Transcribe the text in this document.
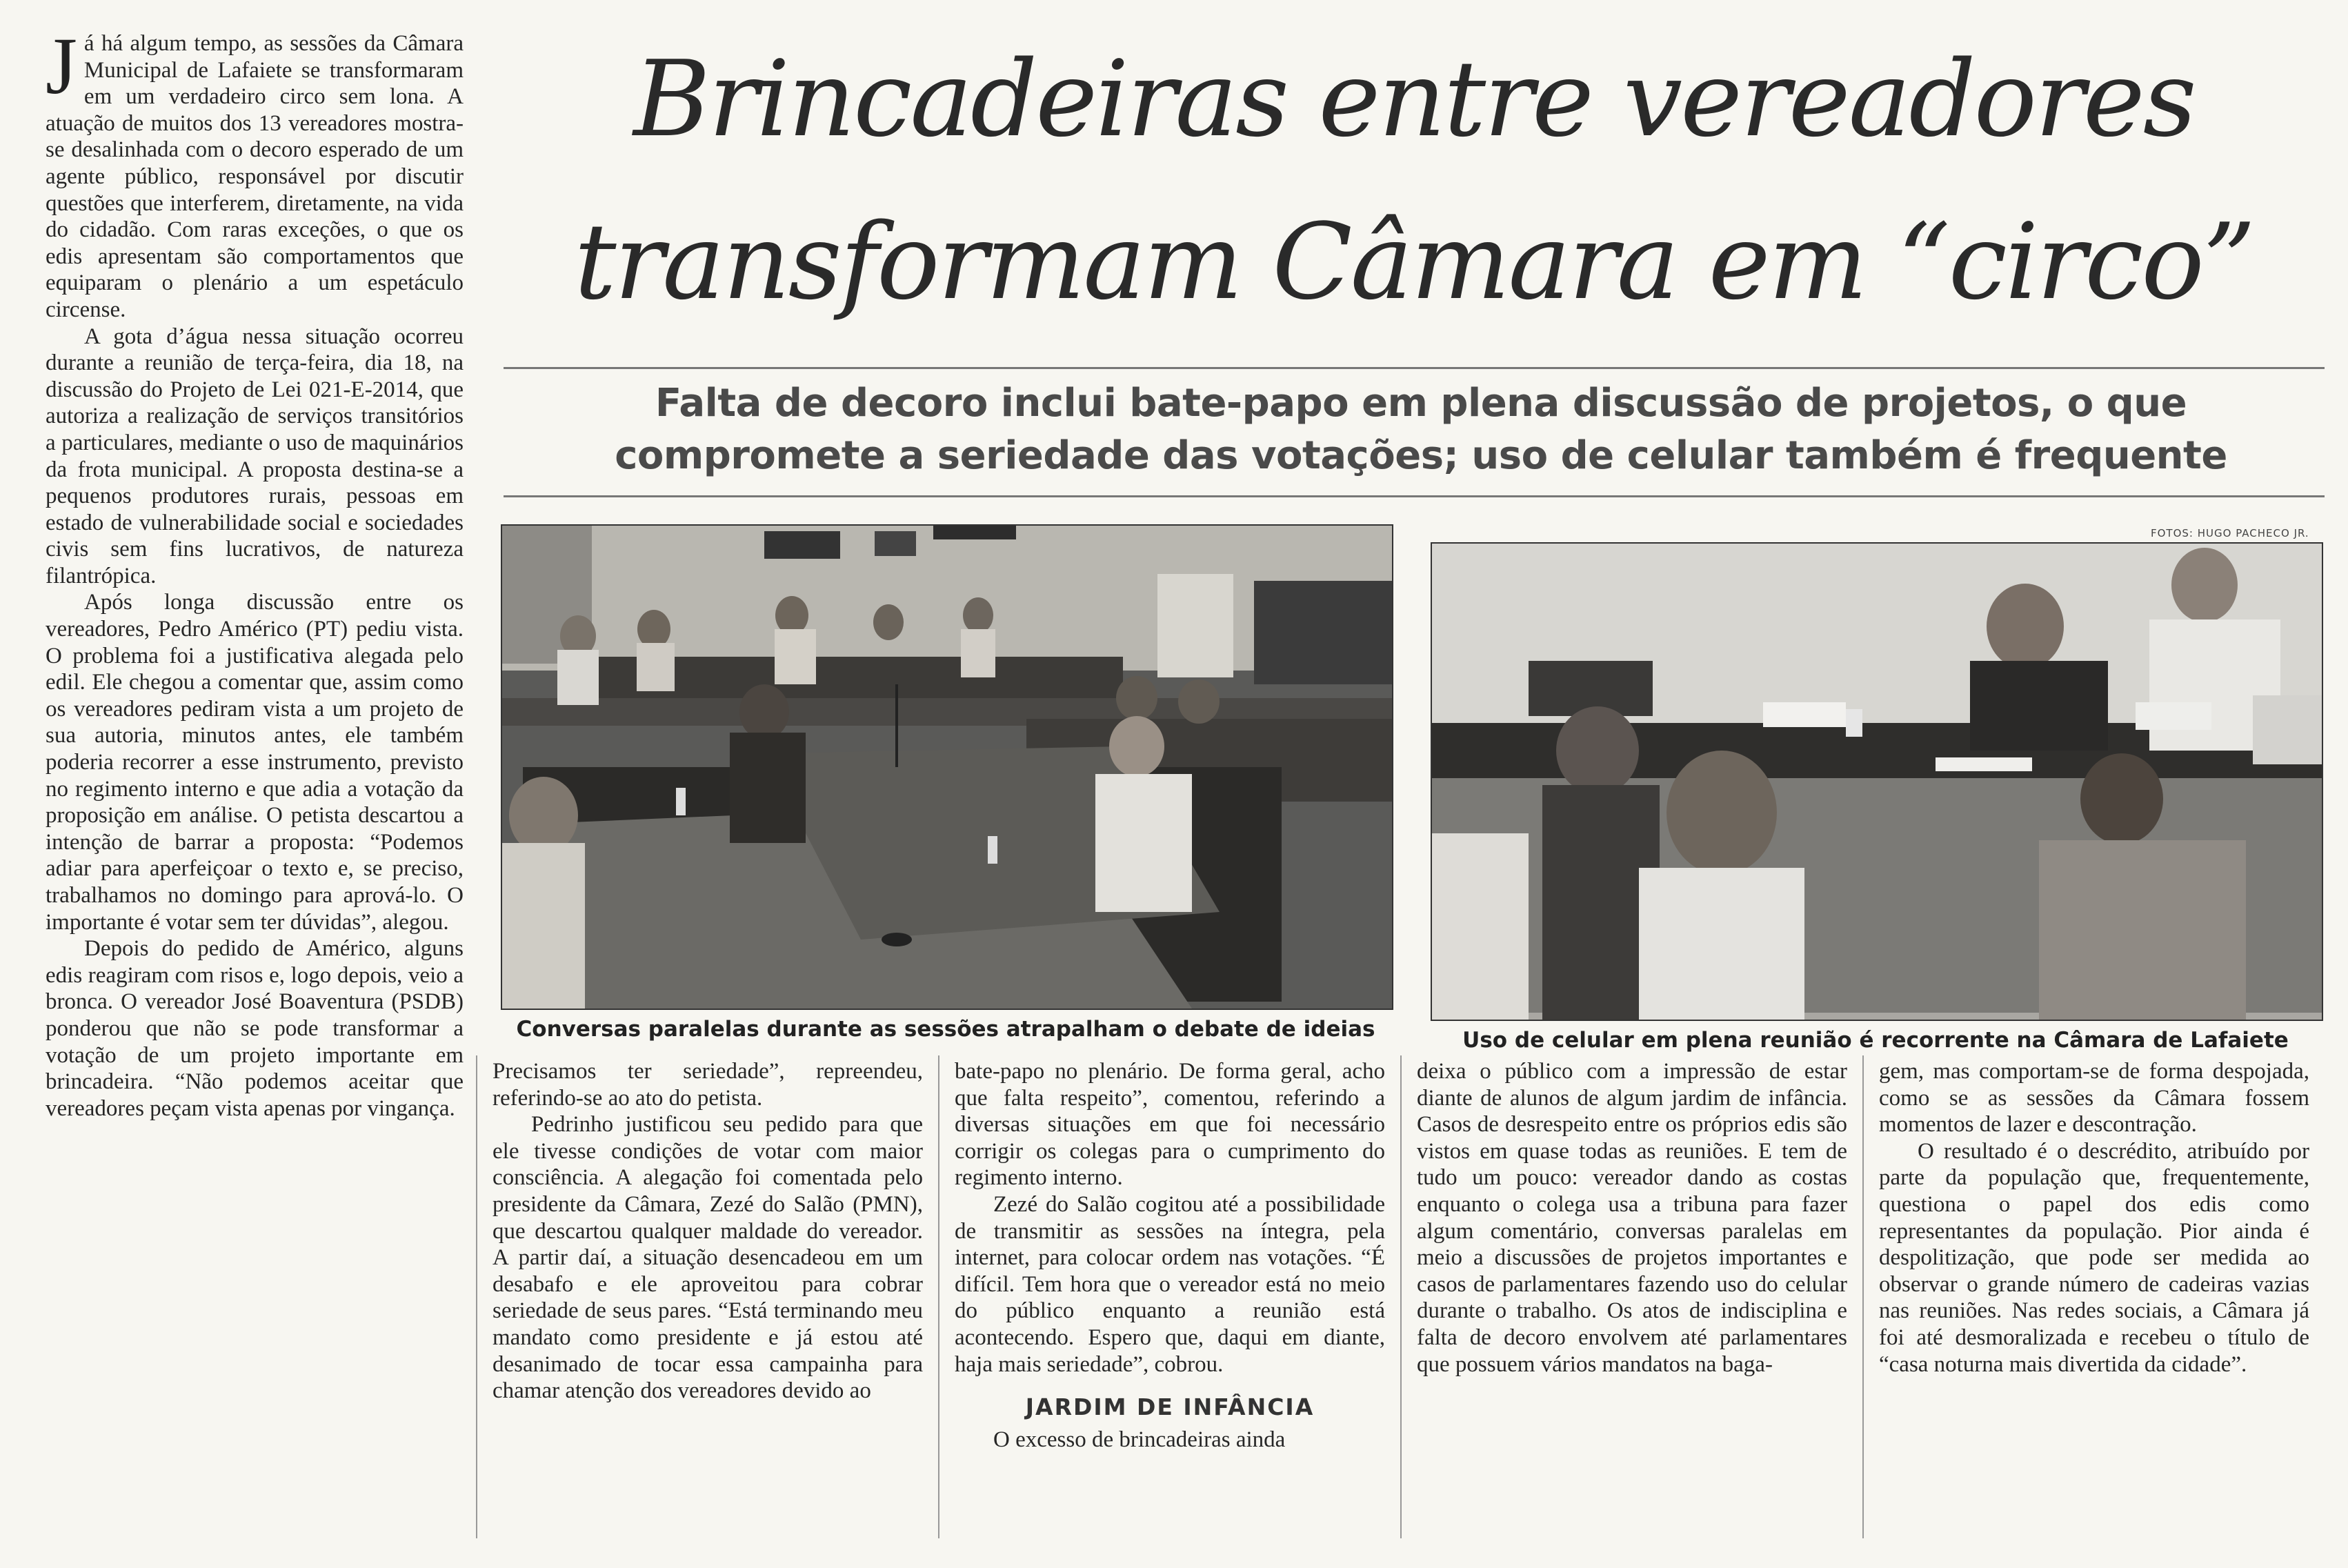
Já há algum tempo, as sessões da Câmara Municipal de Lafaiete se transformaram em um verdadeiro circo sem lona. A atuação de muitos dos 13 vereadores mostra-se desalinhada com o decoro esperado de um agente público, responsável por discutir questões que interferem, diretamente, na vida do cidadão. Com raras exceções, o que os edis apresentam são comportamentos que equiparam o plenário a um espetáculo circense.

A gota d’água nessa situação ocorreu durante a reunião de terça-feira, dia 18, na discussão do Projeto de Lei 021-E-2014, que autoriza a realização de serviços transitórios a particulares, mediante o uso de maquinários da frota municipal. A proposta destina-se a pequenos produtores rurais, pessoas em estado de vulnerabilidade social e sociedades civis sem fins lucrativos, de natureza filantrópica.

Após longa discussão entre os vereadores, Pedro Américo (PT) pediu vista. O problema foi a justificativa alegada pelo edil. Ele chegou a comentar que, assim como os vereadores pediram vista a um projeto de sua autoria, minutos antes, ele também poderia recorrer a esse instrumento, previsto no regimento interno e que adia a votação da proposição em análise. O petista descartou a intenção de barrar a proposta: “Podemos adiar para aperfeiçoar o texto e, se preciso, trabalhamos no domingo para aprová-lo. O importante é votar sem ter dúvidas”, alegou.

Depois do pedido de Américo, alguns edis reagiram com risos e, logo depois, veio a bronca. O vereador José Boaventura (PSDB) ponderou que não se pode transformar a votação de um projeto importante em brincadeira. “Não podemos aceitar que vereadores peçam vista apenas por vingança.

Brincadeiras entre vereadores
transformam Câmara em “circo”
Falta de decoro inclui bate-papo em plena discussão de projetos, o que
compromete a seriedade das votações; uso de celular também é frequente
FOTOS: HUGO PACHECO JR.
Conversas paralelas durante as sessões atrapalham o debate de ideias	Uso de celular em plena reunião é recorrente na Câmara de Lafaiete

Precisamos ter seriedade”, repreendeu, referindo-se ao ato do petista.

Pedrinho justificou seu pedido para que ele tivesse condições de votar com maior consciência. A alegação foi comentada pelo presidente da Câmara, Zezé do Salão (PMN), que descartou qualquer maldade do vereador. A partir daí, a situação desencadeou em um desabafo e ele aproveitou para cobrar seriedade de seus pares. “Está terminando meu mandato como presidente e já estou até desanimado de tocar essa campainha para chamar atenção dos vereadores devido ao

bate-papo no plenário. De forma geral, acho que falta respeito”, comentou, referindo a diversas situações em que foi necessário corrigir os colegas para o cumprimento do regimento interno.

Zezé do Salão cogitou até a possibilidade de transmitir as sessões na íntegra, pela internet, para colocar ordem nas votações. “É difícil. Tem hora que o vereador está no meio do público enquanto a reunião está acontecendo. Espero que, daqui em diante, haja mais seriedade”, cobrou.

JARDIM DE INFÂNCIA

O excesso de brincadeiras ainda

deixa o público com a impressão de estar diante de alunos de algum jardim de infância. Casos de desrespeito entre os próprios edis são vistos em quase todas as reuniões. E tem de tudo um pouco: vereador dando as costas enquanto o colega usa a tribuna para fazer algum comentário, conversas paralelas em meio a discussões de projetos importantes e casos de parlamentares fazendo uso do celular durante o trabalho. Os atos de indisciplina e falta de decoro envolvem até parlamentares que possuem vários mandatos na baga-

gem, mas comportam-se de forma despojada, como se as sessões da Câmara fossem momentos de lazer e descontração.

O resultado é o descrédito, atribuído por parte da população que, frequentemente, questiona o papel dos edis como representantes da população. Pior ainda é despolitização, que pode ser medida ao observar o grande número de cadeiras vazias nas reuniões. Nas redes sociais, a Câmara já foi até desmoralizada e recebeu o título de “casa noturna mais divertida da cidade”.
